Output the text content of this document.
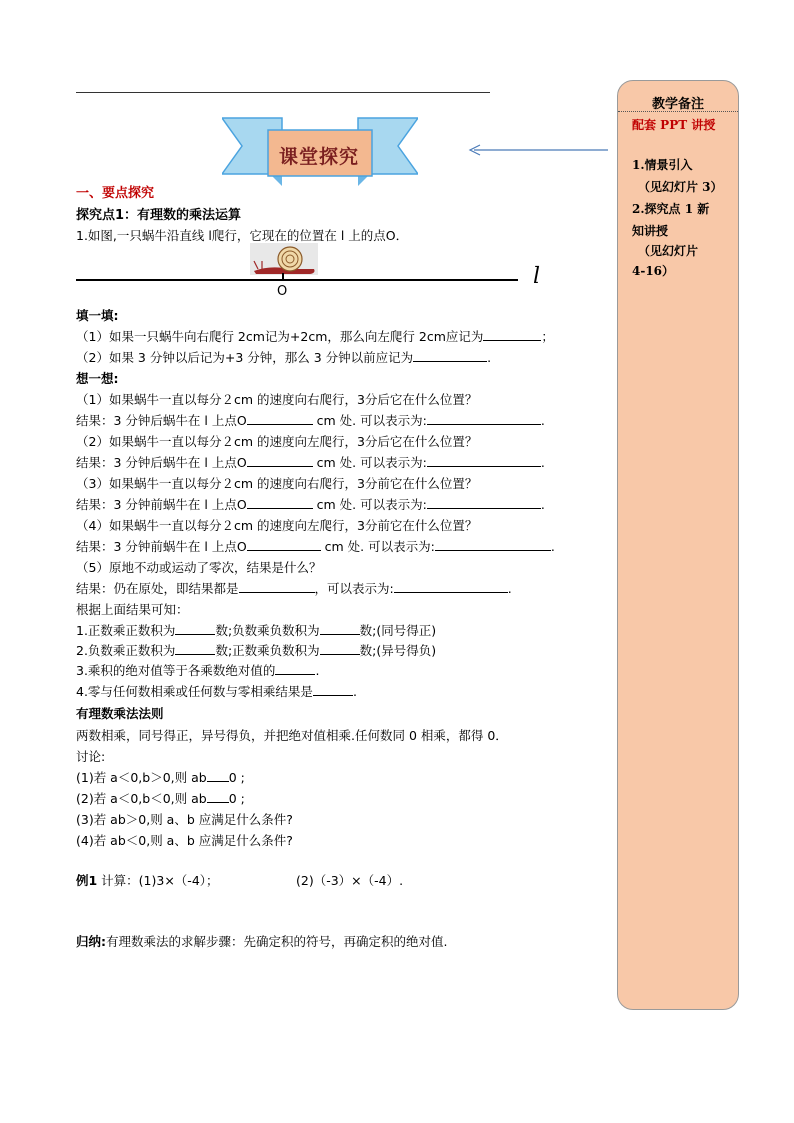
课堂探究
教学备注
配套 PPT 讲授
1.情景引入
（见幻灯片 3）
2.探究点 1 新
知讲授
（见幻灯片
4-16）
一、要点探究
探究点1：有理数的乘法运算
1.如图,一只蜗牛沿直线 l爬行，它现在的位置在 l 上的点O．
O
l
填一填:
（1）如果一只蜗牛向右爬行 2cm记为+2cm，那么向左爬行 2cm应记为	；
（2）如果 3 分钟以后记为+3 分钟，那么 3 分钟以前应记为	.
想一想:
（1）如果蜗牛一直以每分２cm 的速度向右爬行，3分后它在什么位置？
结果：3 分钟后蜗牛在 l 上点O	cm 处. 可以表示为:	.
（2）如果蜗牛一直以每分２cm 的速度向左爬行，3分后它在什么位置？
结果：3 分钟后蜗牛在 l 上点O	cm 处. 可以表示为:	.
（3）如果蜗牛一直以每分２cm 的速度向右爬行，3分前它在什么位置？
结果：3 分钟前蜗牛在 l 上点O	cm 处. 可以表示为:	.
（4）如果蜗牛一直以每分２cm 的速度向左爬行，3分前它在什么位置？
结果：3 分钟前蜗牛在 l 上点O	cm 处. 可以表示为:	.
（5）原地不动或运动了零次，结果是什么？
结果：仍在原处，即结果都是	，可以表示为:	.
根据上面结果可知：
1.正数乘正数积为	数;负数乘负数积为	数;(同号得正)
2.负数乘正数积为	数;正数乘负数积为	数;(异号得负)
3.乘积的绝对值等于各乘数绝对值的	.
4.零与任何数相乘或任何数与零相乘结果是	.
有理数乘法法则
两数相乘，同号得正，异号得负，并把绝对值相乘.任何数同 0 相乘，都得 0．
讨论:
(1)若 a＜0,b＞0,则 ab 0 ;
(2)若 a＜0,b＜0,则 ab 0 ;
(3)若 ab＞0,则 a、b 应满足什么条件?
(4)若 ab＜0,则 a、b 应满足什么条件?
例1 计算：(1)3×（-4）；	(2)（-3）×（-4）.
归纳:有理数乘法的求解步骤：先确定积的符号，再确定积的绝对值.
